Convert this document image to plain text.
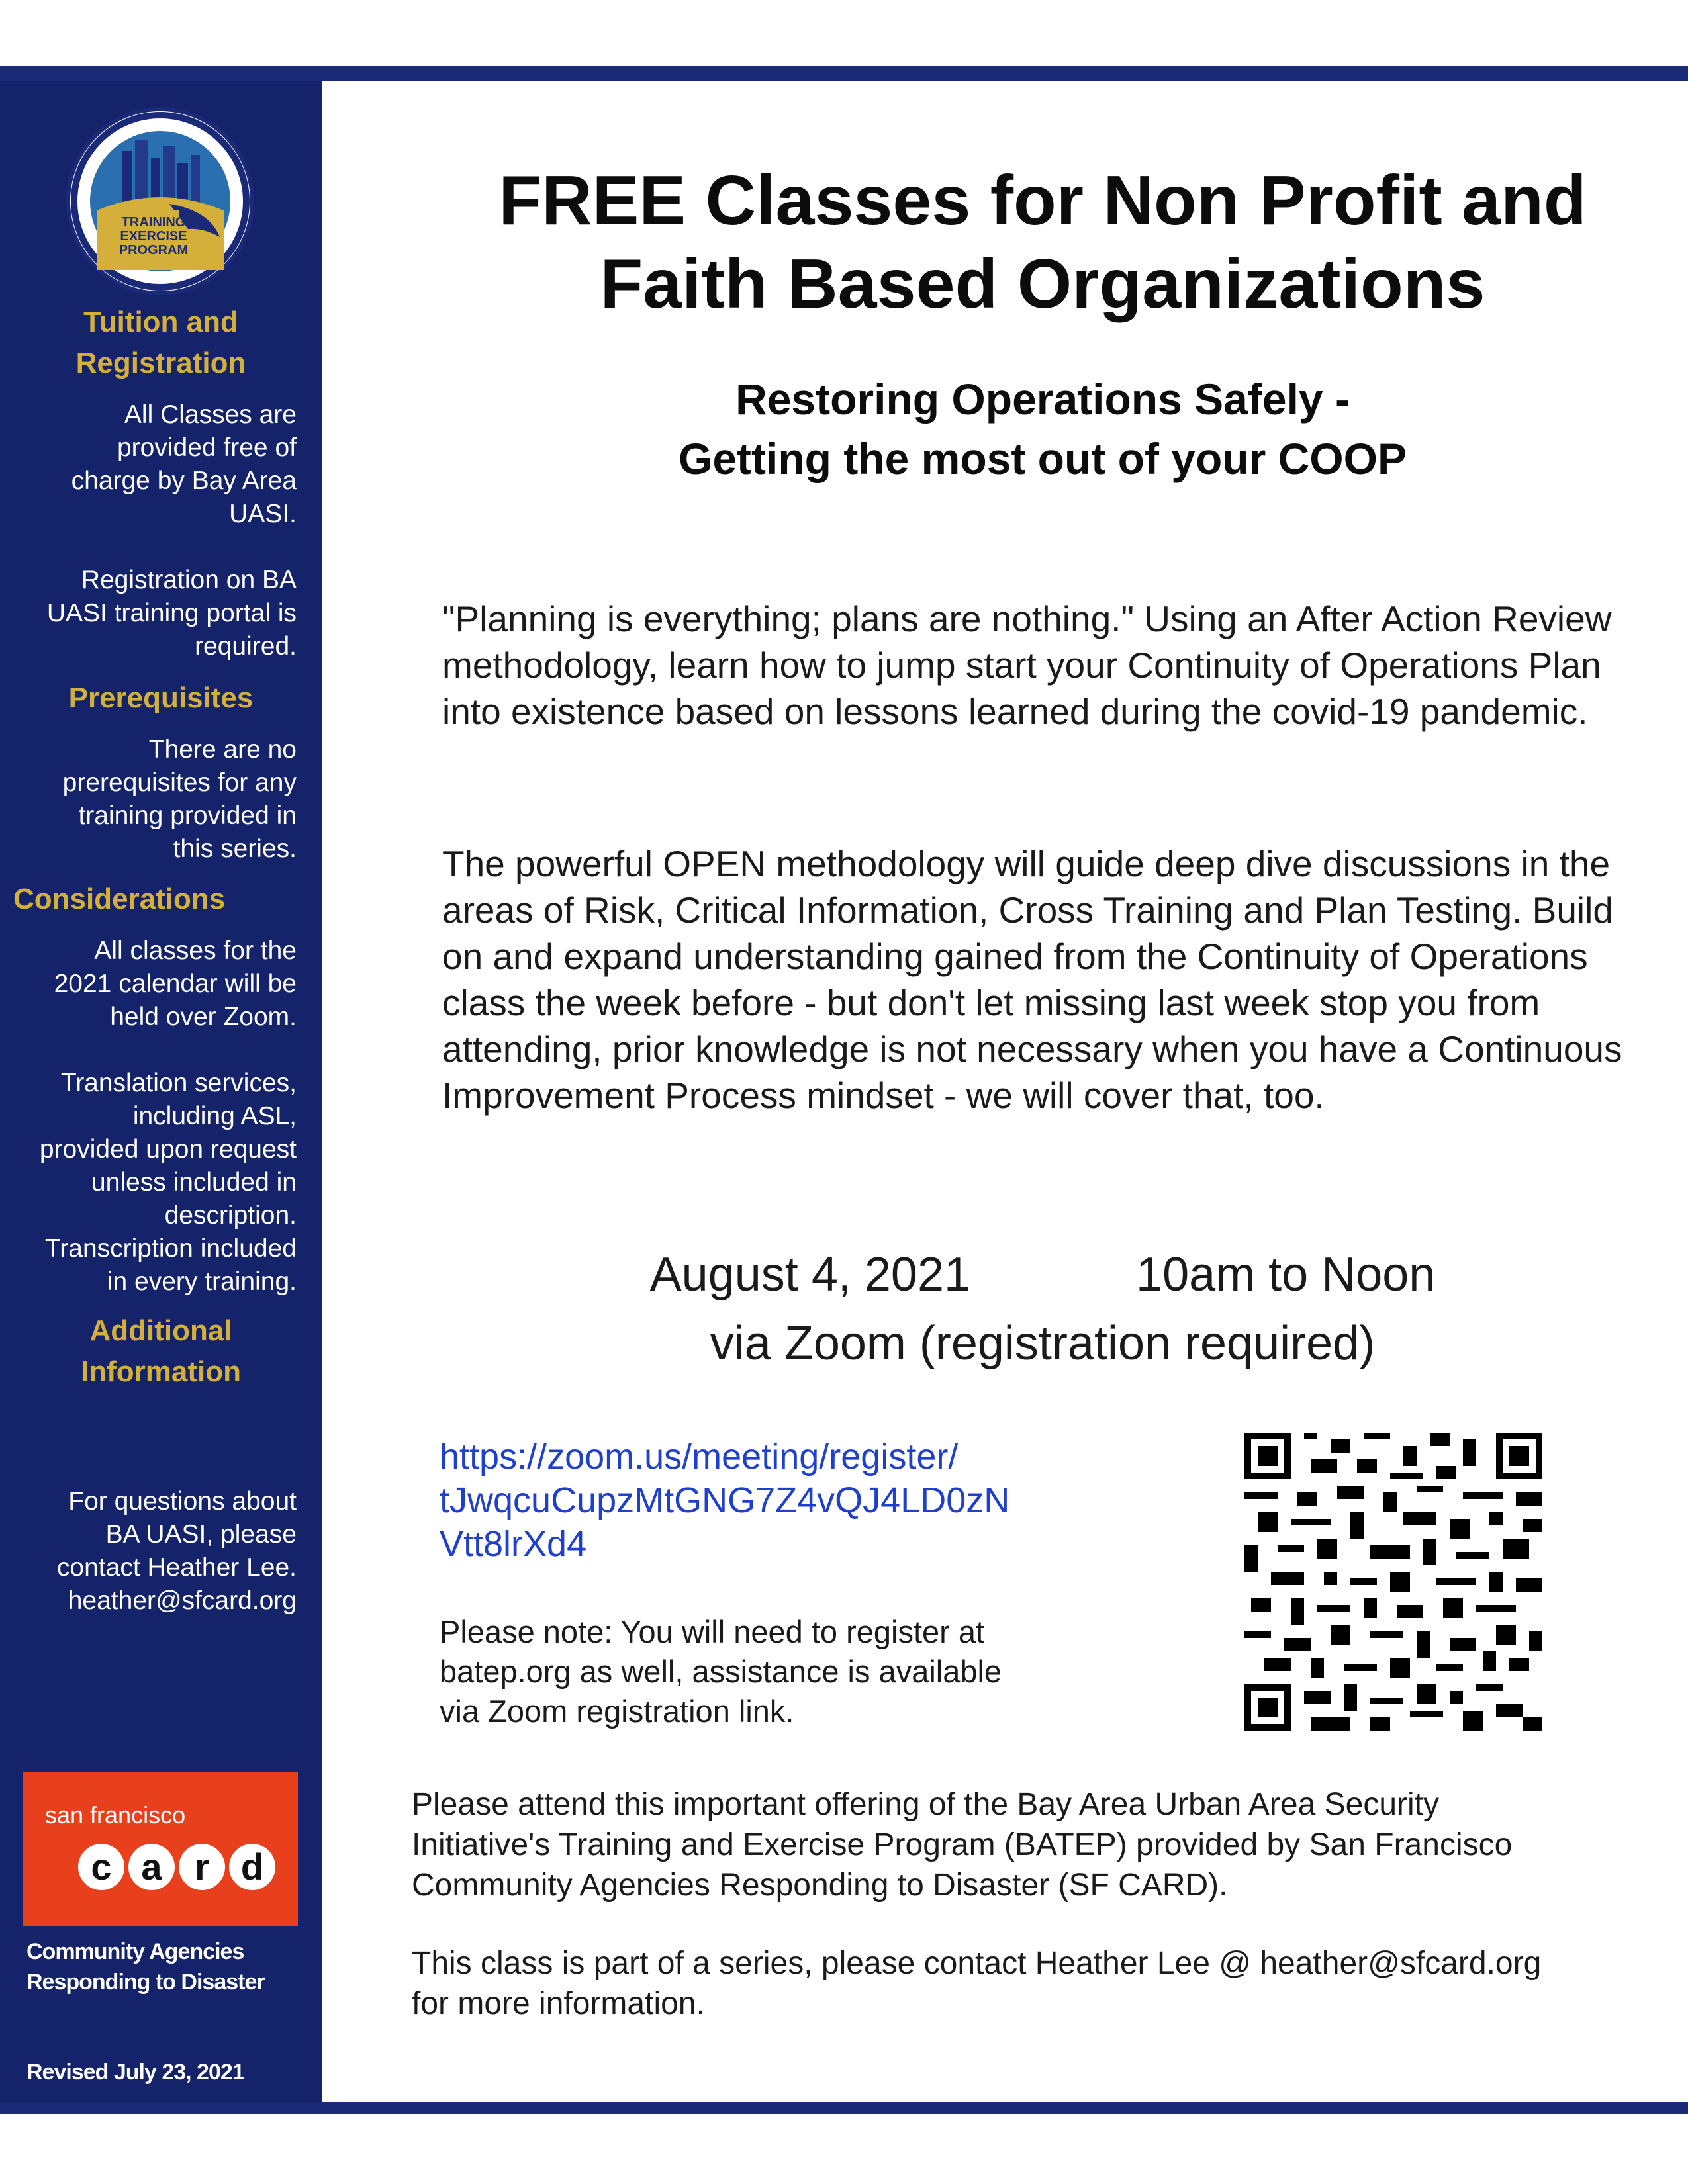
TRAINING
EXERCISE
PROGRAM
Tuition and Registration
All Classes are
provided free of
charge by Bay Area
UASI.

Registration on BA
UASI training portal is
required.
Prerequisites
There are no
prerequisites for any
training provided in
this series.
Considerations
All classes for the
2021 calendar will be
held over Zoom.

Translation services,
including ASL,
provided upon request
unless included in
description.
Transcription included
in every training.
Additional Information
For questions about
BA UASI, please
contact Heather Lee.
heather@sfcard.org
san francisco
c a r d
Community Agencies
Responding to Disaster
Revised July 23, 2021
FREE Classes for Non Profit and
Faith Based Organizations
Restoring Operations Safely -
Getting the most out of your COOP

"Planning is everything; plans are nothing." Using an After Action Review methodology, learn how to jump start your Continuity of Operations Plan into existence based on lessons learned during the covid-19 pandemic.

The powerful OPEN methodology will guide deep dive discussions in the areas of Risk, Critical Information, Cross Training and Plan Testing. Build on and expand understanding gained from the Continuity of Operations class the week before - but don't let missing last week stop you from attending, prior knowledge is not necessary when you have a Continuous Improvement Process mindset - we will cover that, too.

August 4, 2021	10am to Noon
via Zoom (registration required)
https://zoom.us/meeting/register/
tJwqcuCupzMtGNG7Z4vQJ4LD0zN
Vtt8lrXd4
Please note: You will need to register at
batep.org as well, assistance is available
via Zoom registration link.
Please attend this important offering of the Bay Area Urban Area Security
Initiative's Training and Exercise Program (BATEP) provided by San Francisco
Community Agencies Responding to Disaster (SF CARD).
This class is part of a series, please contact Heather Lee @ heather@sfcard.org
for more information.
